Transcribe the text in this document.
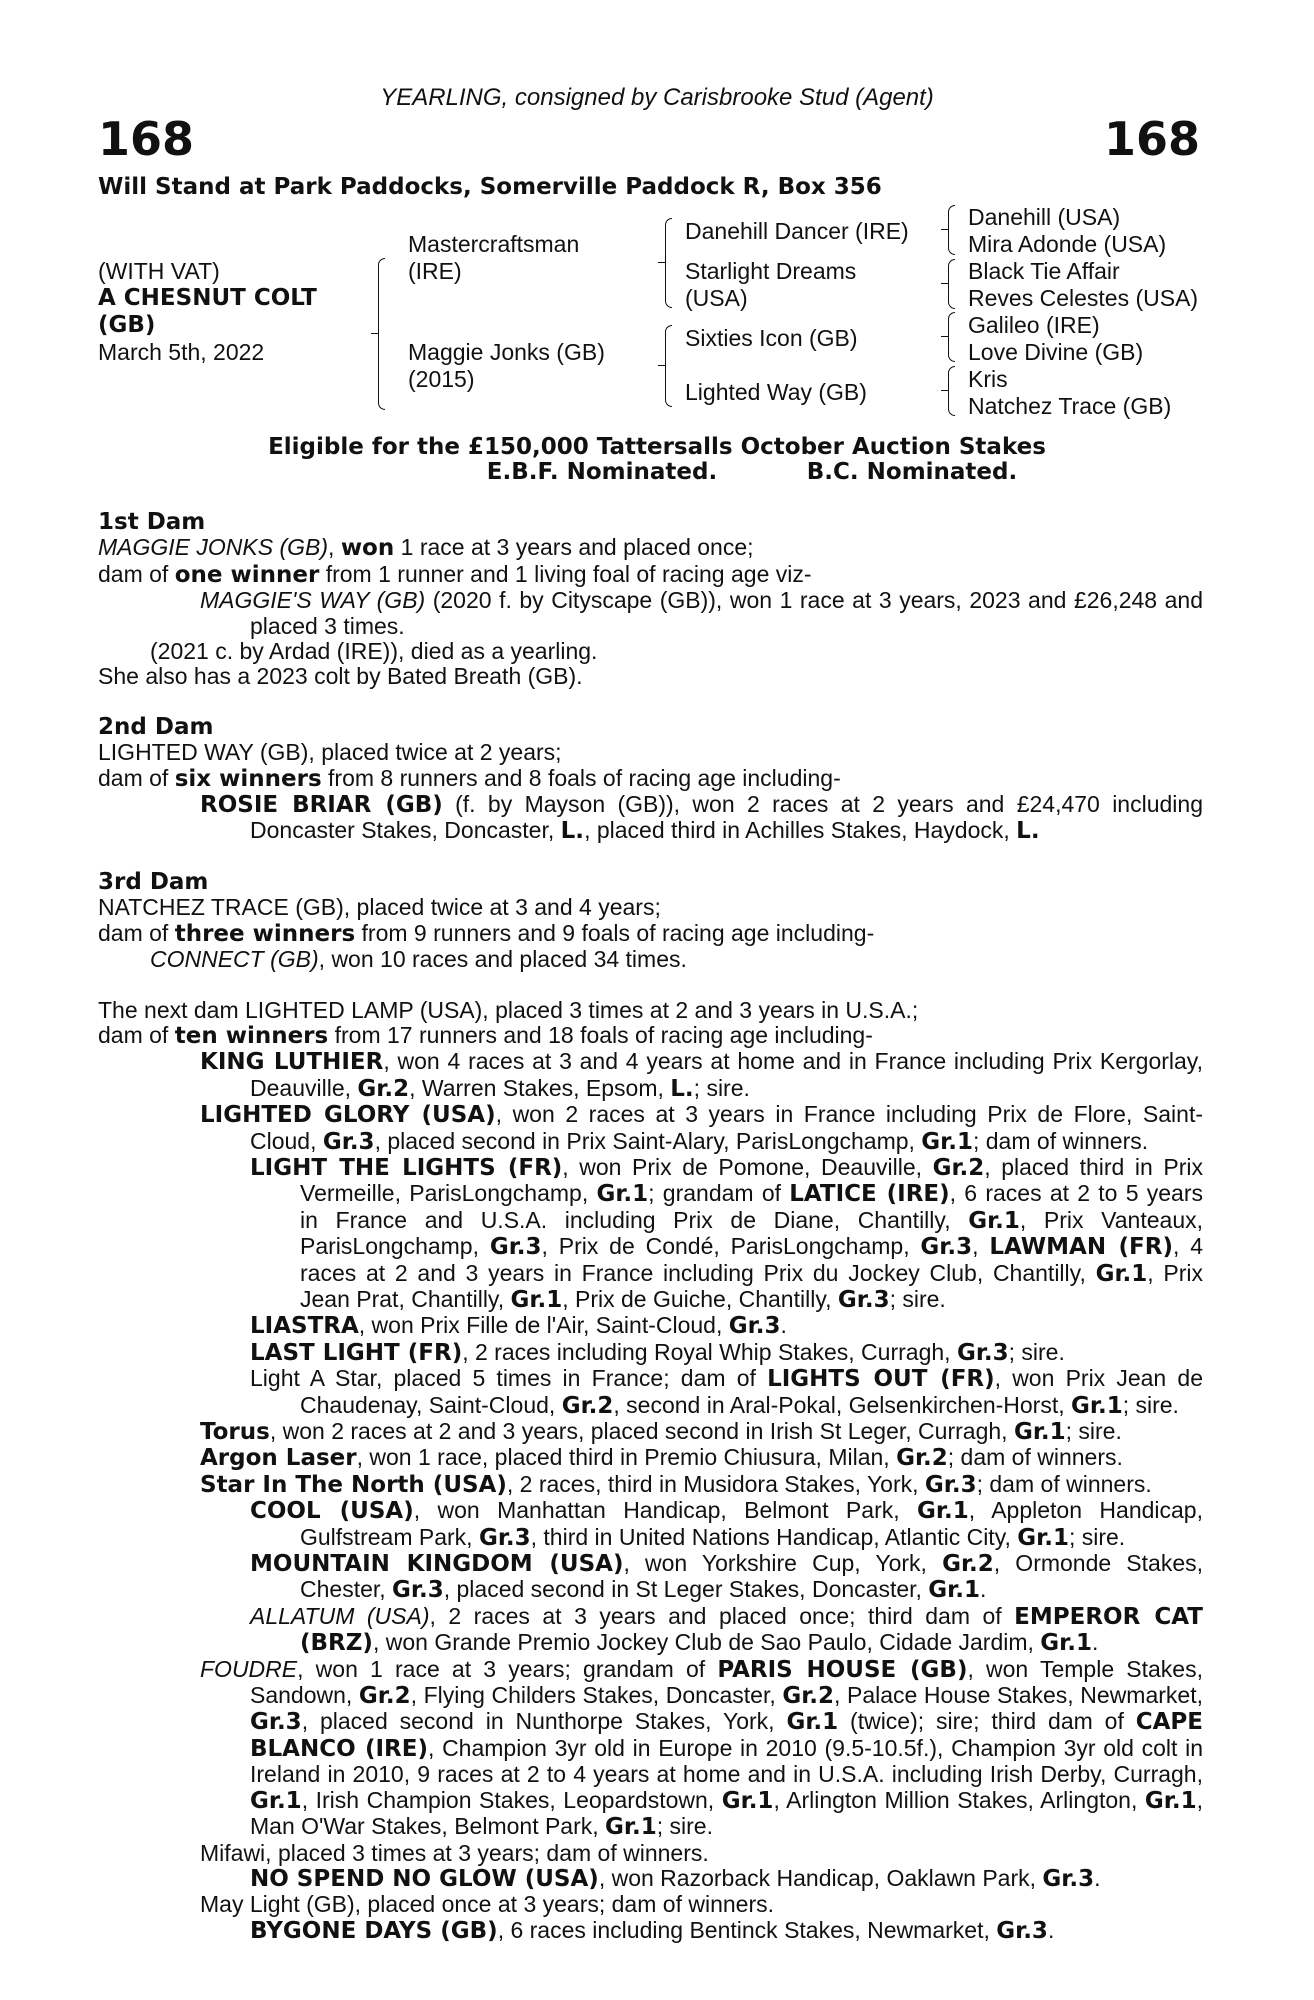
YEARLING, consigned by Carisbrooke Stud (Agent)
168	168
Will Stand at Park Paddocks, Somerville Paddock R, Box 356
(WITH VAT)
A CHESNUT COLT
(GB)
March 5th, 2022
Mastercraftsman
(IRE)
Maggie Jonks (GB)
(2015)
Danehill Dancer (IRE)
Starlight Dreams
(USA)
Sixties Icon (GB)
Lighted Way (GB)
Danehill (USA)
Mira Adonde (USA)
Black Tie Affair
Reves Celestes (USA)
Galileo (IRE)
Love Divine (GB)
Kris
Natchez Trace (GB)
Eligible for the £150,000 Tattersalls October Auction Stakes
E.B.F. Nominated.	B.C. Nominated.

1st Dam

MAGGIE JONKS (GB), won 1 race at 3 years and placed once;

dam of one winner from 1 runner and 1 living foal of racing age viz-

MAGGIE'S WAY (GB) (2020 f. by Cityscape (GB)), won 1 race at 3 years, 2023 and £26,248 and placed 3 times.

(2021 c. by Ardad (IRE)), died as a yearling.

She also has a 2023 colt by Bated Breath (GB).

2nd Dam

LIGHTED WAY (GB), placed twice at 2 years;

dam of six winners from 8 runners and 8 foals of racing age including-

ROSIE BRIAR (GB) (f. by Mayson (GB)), won 2 races at 2 years and £24,470 including Doncaster Stakes, Doncaster, L., placed third in Achilles Stakes, Haydock, L.

3rd Dam

NATCHEZ TRACE (GB), placed twice at 3 and 4 years;

dam of three winners from 9 runners and 9 foals of racing age including-

CONNECT (GB), won 10 races and placed 34 times.

The next dam LIGHTED LAMP (USA), placed 3 times at 2 and 3 years in U.S.A.;

dam of ten winners from 17 runners and 18 foals of racing age including-

KING LUTHIER, won 4 races at 3 and 4 years at home and in France including Prix Kergorlay, Deauville, Gr.2, Warren Stakes, Epsom, L.; sire.

LIGHTED GLORY (USA), won 2 races at 3 years in France including Prix de Flore, Saint-Cloud, Gr.3, placed second in Prix Saint-Alary, ParisLongchamp, Gr.1; dam of winners.

LIGHT THE LIGHTS (FR), won Prix de Pomone, Deauville, Gr.2, placed third in Prix Vermeille, ParisLongchamp, Gr.1; grandam of LATICE (IRE), 6 races at 2 to 5 years in France and U.S.A. including Prix de Diane, Chantilly, Gr.1, Prix Vanteaux, ParisLongchamp, Gr.3, Prix de Condé, ParisLongchamp, Gr.3, LAWMAN (FR), 4 races at 2 and 3 years in France including Prix du Jockey Club, Chantilly, Gr.1, Prix Jean Prat, Chantilly, Gr.1, Prix de Guiche, Chantilly, Gr.3; sire.

LIASTRA, won Prix Fille de l'Air, Saint-Cloud, Gr.3.

LAST LIGHT (FR), 2 races including Royal Whip Stakes, Curragh, Gr.3; sire.

Light A Star, placed 5 times in France; dam of LIGHTS OUT (FR), won Prix Jean de Chaudenay, Saint-Cloud, Gr.2, second in Aral-Pokal, Gelsenkirchen-Horst, Gr.1; sire.

Torus, won 2 races at 2 and 3 years, placed second in Irish St Leger, Curragh, Gr.1; sire.

Argon Laser, won 1 race, placed third in Premio Chiusura, Milan, Gr.2; dam of winners.

Star In The North (USA), 2 races, third in Musidora Stakes, York, Gr.3; dam of winners.

COOL (USA), won Manhattan Handicap, Belmont Park, Gr.1, Appleton Handicap, Gulfstream Park, Gr.3, third in United Nations Handicap, Atlantic City, Gr.1; sire.

MOUNTAIN KINGDOM (USA), won Yorkshire Cup, York, Gr.2, Ormonde Stakes, Chester, Gr.3, placed second in St Leger Stakes, Doncaster, Gr.1.

ALLATUM (USA), 2 races at 3 years and placed once; third dam of EMPEROR CAT (BRZ), won Grande Premio Jockey Club de Sao Paulo, Cidade Jardim, Gr.1.

FOUDRE, won 1 race at 3 years; grandam of PARIS HOUSE (GB), won Temple Stakes, Sandown, Gr.2, Flying Childers Stakes, Doncaster, Gr.2, Palace House Stakes, Newmarket, Gr.3, placed second in Nunthorpe Stakes, York, Gr.1 (twice); sire; third dam of CAPE BLANCO (IRE), Champion 3yr old in Europe in 2010 (9.5-10.5f.), Champion 3yr old colt in Ireland in 2010, 9 races at 2 to 4 years at home and in U.S.A. including Irish Derby, Curragh, Gr.1, Irish Champion Stakes, Leopardstown, Gr.1, Arlington Million Stakes, Arlington, Gr.1, Man O'War Stakes, Belmont Park, Gr.1; sire.

Mifawi, placed 3 times at 3 years; dam of winners.

NO SPEND NO GLOW (USA), won Razorback Handicap, Oaklawn Park, Gr.3.

May Light (GB), placed once at 3 years; dam of winners.

BYGONE DAYS (GB), 6 races including Bentinck Stakes, Newmarket, Gr.3.
